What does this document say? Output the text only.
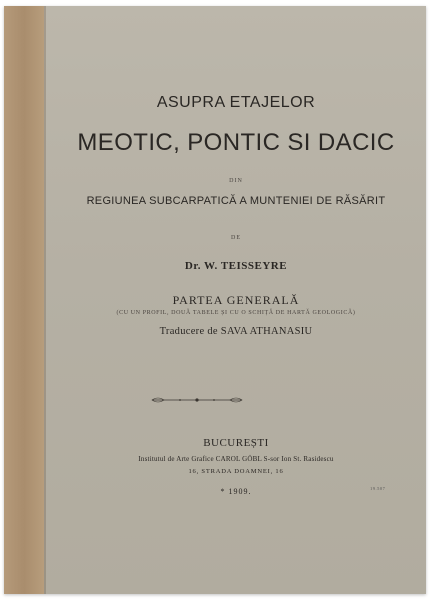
ASUPRA ETAJELOR
MEOTIC, PONTIC SI DACIC
DIN
REGIUNEA SUBCARPATICĂ A MUNTENIEI DE RĂSĂRIT
DE
Dr. W. TEISSEYRE
PARTEA GENERALĂ
(CU UN PROFIL, DOUĂ TABELE ȘI CU O SCHIȚĂ DE HARTĂ GEOLOGICĂ)
Traducere de SAVA ATHANASIU
BUCUREȘTI
Institutul de Arte Grafice CAROL GÖBL S-sor Ion St. Rasidescu
16, STRADA DOAMNEI, 16
* 1909.	19.507
